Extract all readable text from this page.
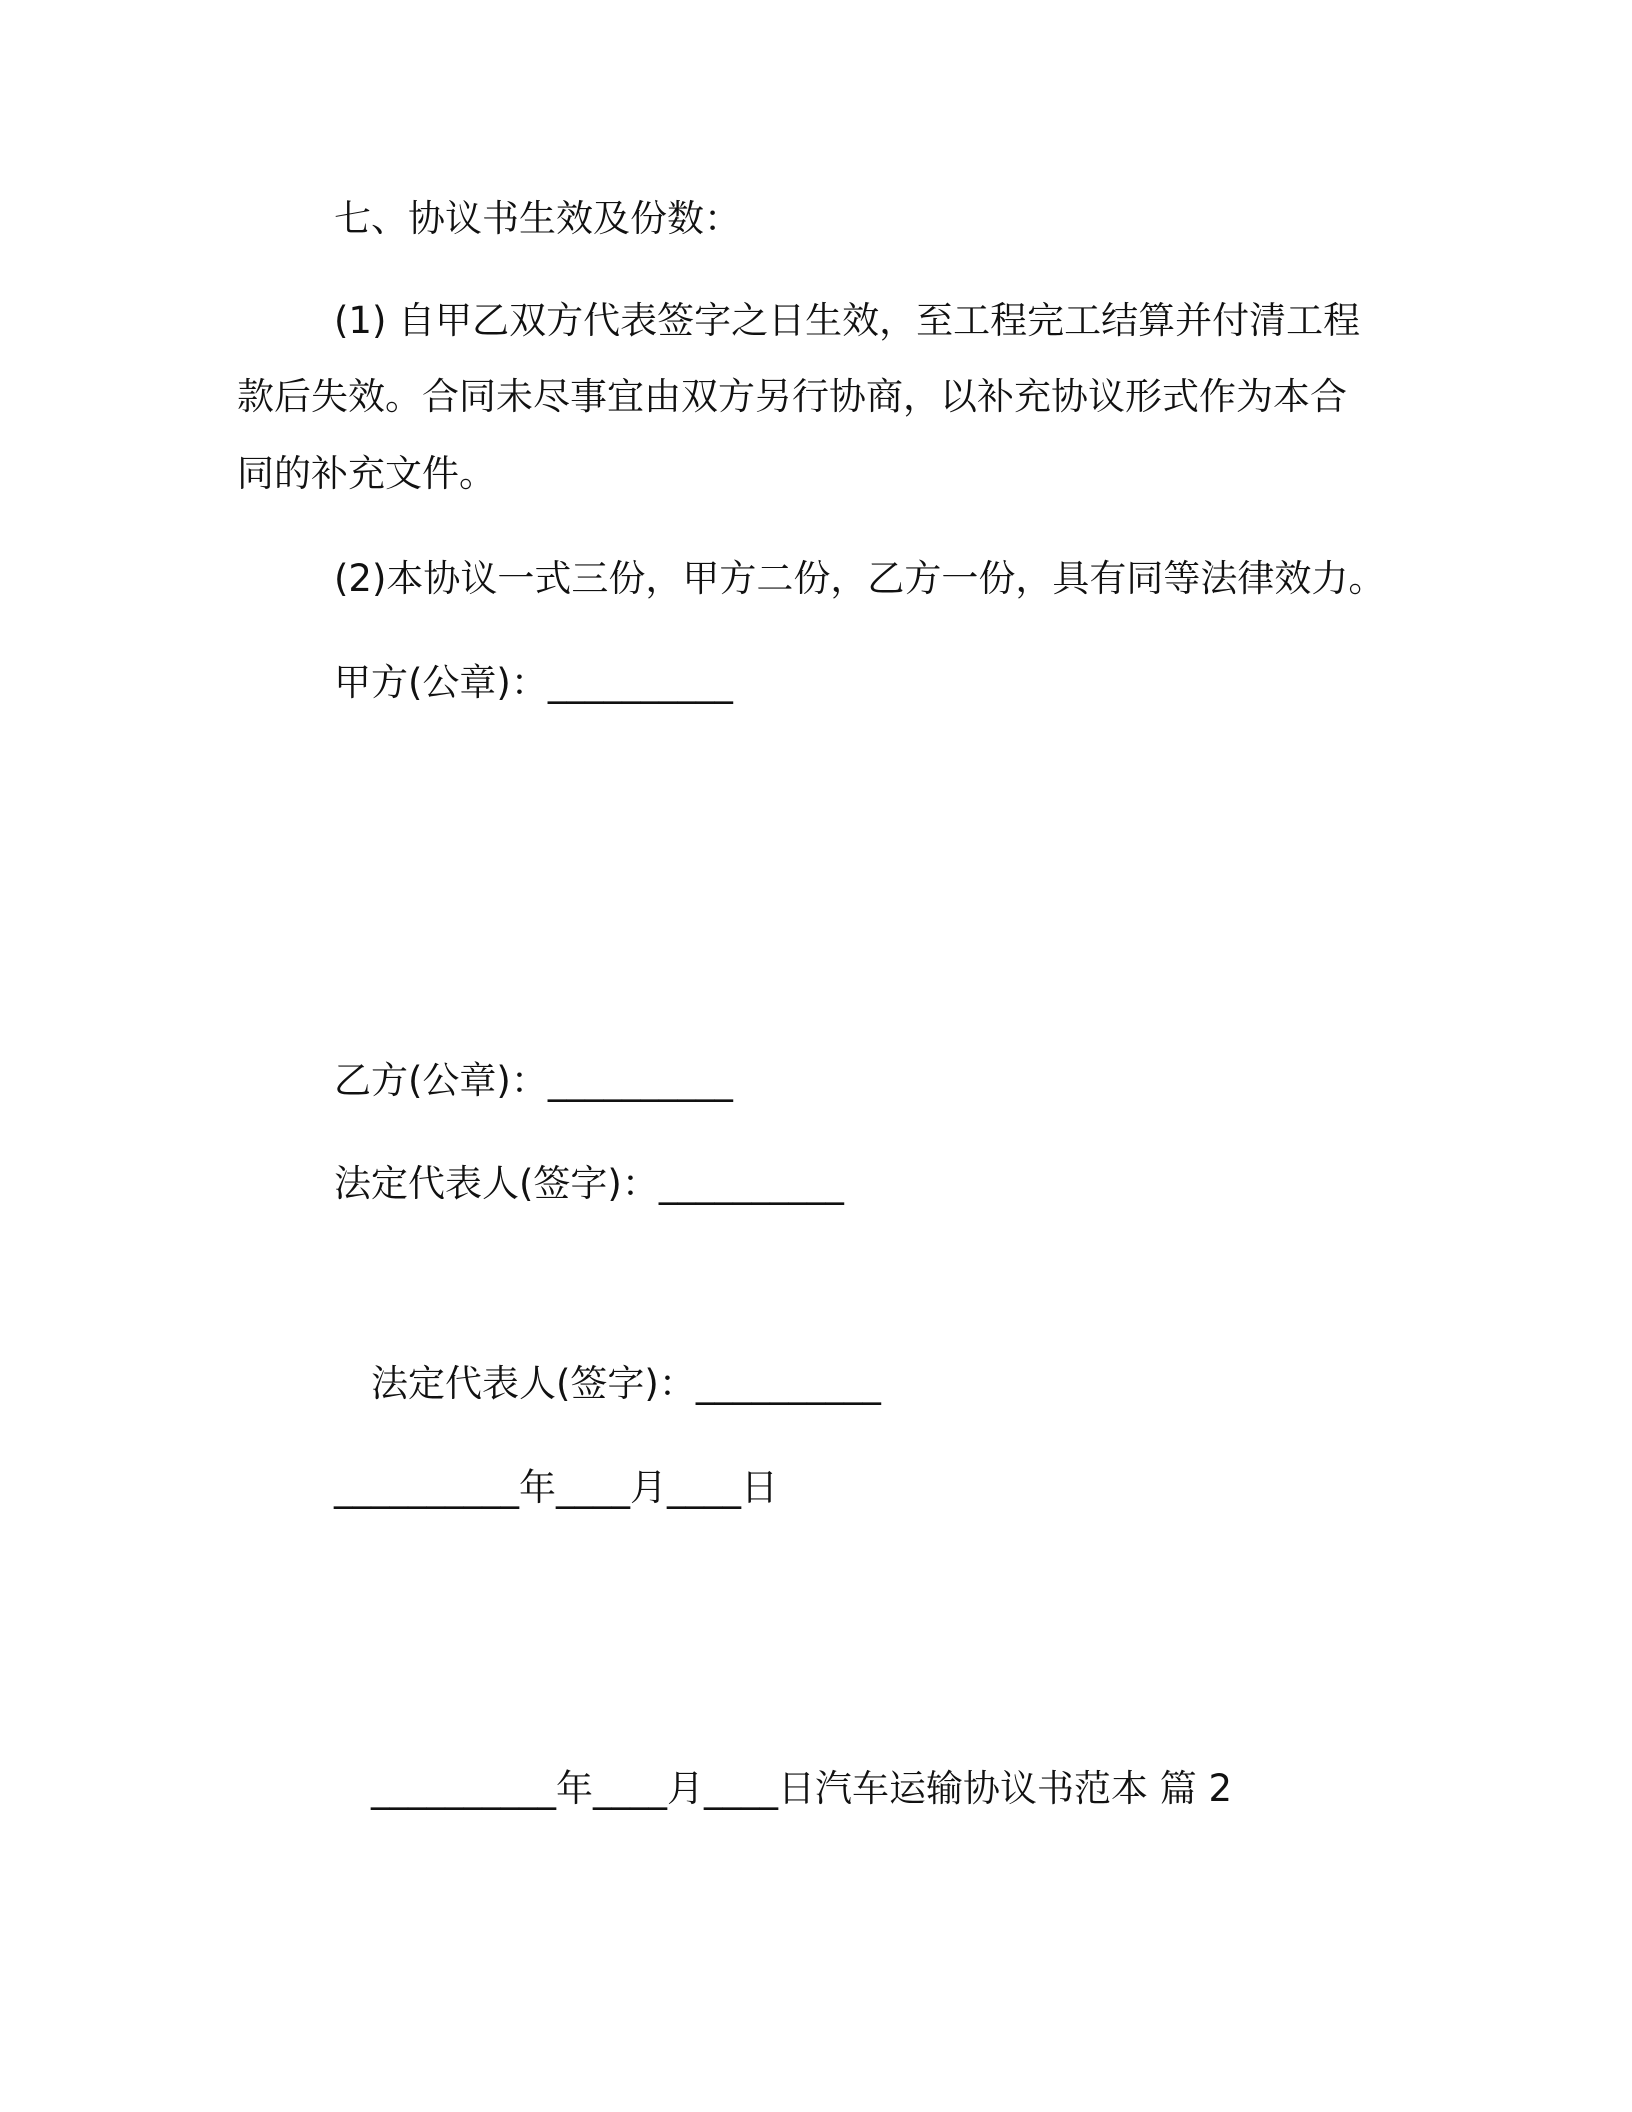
七、协议书生效及份数：
(1) 自甲乙双方代表签字之日生效，至工程完工结算并付清工程
款后失效。合同未尽事宜由双方另行协商，以补充协议形式作为本合
同的补充文件。
(2)本协议一式三份，甲方二份，乙方一份，具有同等法律效力。
甲方(公章)：__________
乙方(公章)：__________
法定代表人(签字)：__________
法定代表人(签字)：__________
__________年____月____日
__________年____月____日汽车运输协议书范本 篇 2
